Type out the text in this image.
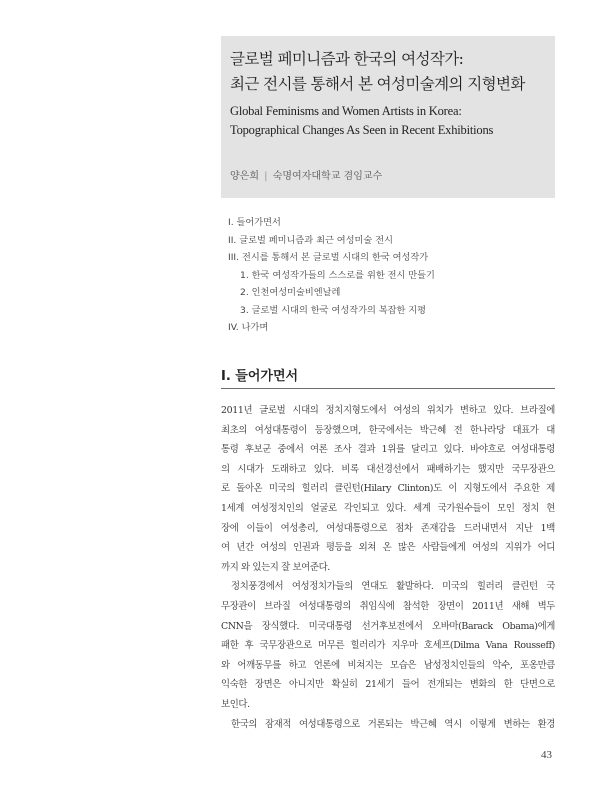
글로벌 페미니즘과 한국의 여성작가:
최근 전시를 통해서 본 여성미술계의 지형변화

Global Feminisms and Women Artists in Korea:

Topographical Changes As Seen in Recent Exhibitions

양은희 | 숙명여자대학교 겸임교수

I. 들어가면서
II. 글로벌 페미니즘과 최근 여성미술 전시
III. 전시를 통해서 본 글로벌 시대의 한국 여성작가
1. 한국 여성작가들의 스스로를 위한 전시 만들기
2. 인천여성미술비엔날레
3. 글로벌 시대의 한국 여성작가의 복잡한 지평
IV. 나가며
I. 들어가면서
2011년 글로벌 시대의 정치지형도에서 여성의 위치가 변하고 있다. 브라질에
최초의 여성대통령이 등장했으며, 한국에서는 박근혜 전 한나라당 대표가 대
통령 후보군 중에서 여론 조사 결과 1위를 달리고 있다. 바야흐로 여성대통령
의 시대가 도래하고 있다. 비록 대선경선에서 패배하기는 했지만 국무장관으
로 돌아온 미국의 힐러리 클린턴(Hilary Clinton)도 이 지형도에서 주요한 제
1세계 여성정치인의 얼굴로 각인되고 있다. 세계 국가원수들이 모인 정치 현
장에 이들이 여성총리, 여성대통령으로 점차 존재감을 드러내면서 지난 1백
여 년간 여성의 인권과 평등을 외쳐 온 많은 사람들에게 여성의 지위가 어디
까지 와 있는지 잘 보여준다.
정치풍경에서 여성정치가들의 연대도 활발하다. 미국의 힐러리 클린턴 국
무장관이 브라질 여성대통령의 취임식에 참석한 장면이 2011년 새해 벽두
CNN을 장식했다. 미국대통령 선거후보전에서 오바마(Barack Obama)에게
패한 후 국무장관으로 머무른 힐러리가 지우마 호세프(Dilma Vana Rousseff)
와 어깨동무를 하고 언론에 비쳐지는 모습은 남성정치인들의 악수, 포옹만큼
익숙한 장면은 아니지만 확실히 21세기 들어 전개되는 변화의 한 단면으로
보인다.
한국의 잠재적 여성대통령으로 거론되는 박근혜 역시 이렇게 변하는 환경
43
